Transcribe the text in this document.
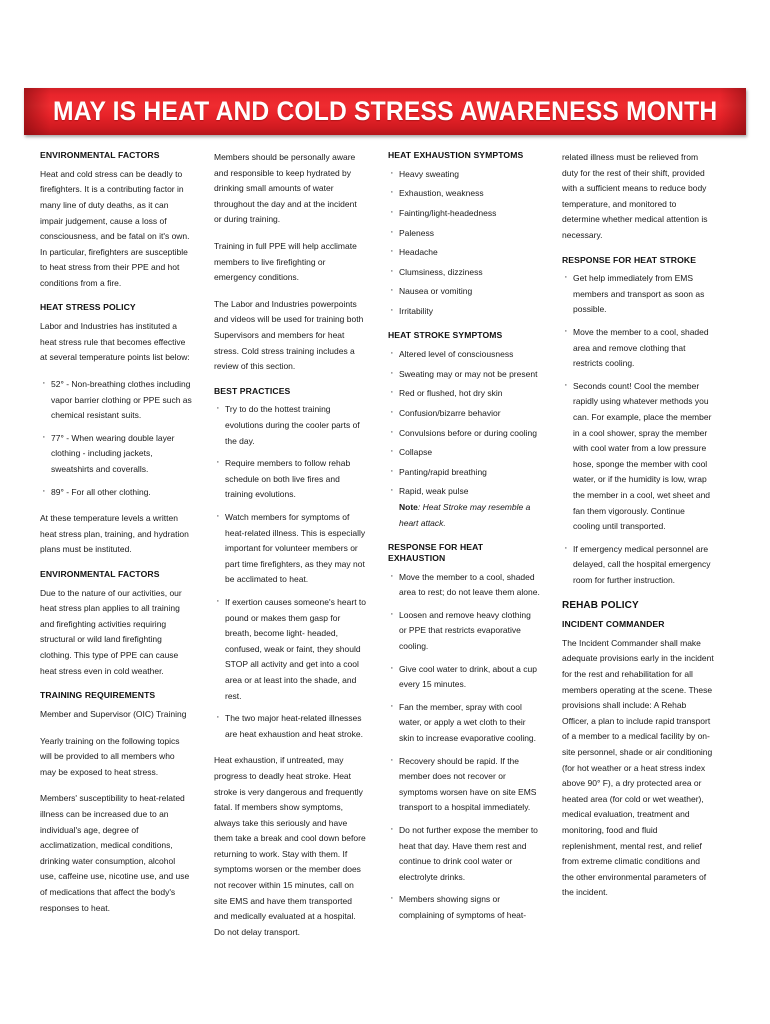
MAY IS HEAT AND COLD STRESS AWARENESS MONTH
ENVIRONMENTAL FACTORS

Heat and cold stress can be deadly to firefighters. It is a contributing factor in many line of duty deaths, as it can impair judgement, cause a loss of consciousness, and be fatal on it's own. In particular, firefighters are susceptible to heat stress from their PPE and hot conditions from a fire.

HEAT STRESS POLICY

Labor and Industries has instituted a heat stress rule that becomes effective at several temperature points list below:

· 52° - Non-breathing clothes including vapor barrier clothing or PPE such as chemical resistant suits.
· 77° - When wearing double layer clothing - including jackets, sweatshirts and coveralls.
· 89° - For all other clothing.

At these temperature levels a written heat stress plan, training, and hydration plans must be instituted.

ENVIRONMENTAL FACTORS

Due to the nature of our activities, our heat stress plan applies to all training and firefighting activities requiring structural or wild land firefighting clothing. This type of PPE can cause heat stress even in cold weather.

TRAINING REQUIREMENTS

Member and Supervisor (OIC) Training

Yearly training on the following topics will be provided to all members who may be exposed to heat stress.

Members' susceptibility to heat-related illness can be increased due to an individual's age, degree of acclimatization, medical conditions, drinking water consumption, alcohol use, caffeine use, nicotine use, and use of medications that affect the body's responses to heat.

Members should be personally aware and responsible to keep hydrated by drinking small amounts of water throughout the day and at the incident or during training.

Training in full PPE will help acclimate members to live firefighting or emergency conditions.

The Labor and Industries powerpoints and videos will be used for training both Supervisors and members for heat stress. Cold stress training includes a review of this section.

BEST PRACTICES
· Try to do the hottest training evolutions during the cooler parts of the day.
· Require members to follow rehab schedule on both live fires and training evolutions.
· Watch members for symptoms of heat-related illness. This is especially important for volunteer members or part time firefighters, as they may not be acclimated to heat.
· If exertion causes someone's heart to pound or makes them gasp for breath, become light- headed, confused, weak or faint, they should STOP all activity and get into a cool area or at least into the shade, and rest.
· The two major heat-related illnesses are heat exhaustion and heat stroke.

Heat exhaustion, if untreated, may progress to deadly heat stroke. Heat stroke is very dangerous and frequently fatal. If members show symptoms, always take this seriously and have them take a break and cool down before returning to work. Stay with them. If symptoms worsen or the member does not recover within 15 minutes, call on site EMS and have them transported and medically evaluated at a hospital. Do not delay transport.

HEAT EXHAUSTION SYMPTOMS
· Heavy sweating
· Exhaustion, weakness
· Fainting/light-headedness
· Paleness
· Headache
· Clumsiness, dizziness
· Nausea or vomiting
· Irritability
HEAT STROKE SYMPTOMS
· Altered level of consciousness
· Sweating may or may not be present
· Red or flushed, hot dry skin
· Confusion/bizarre behavior
· Convulsions before or during cooling
· Collapse
· Panting/rapid breathing
· Rapid, weak pulse
Note: Heat Stroke may resemble a heart attack.
RESPONSE FOR HEAT EXHAUSTION
· Move the member to a cool, shaded area to rest; do not leave them alone.
· Loosen and remove heavy clothing or PPE that restricts evaporative cooling.
· Give cool water to drink, about a cup every 15 minutes.
· Fan the member, spray with cool water, or apply a wet cloth to their skin to increase evaporative cooling.
· Recovery should be rapid. If the member does not recover or symptoms worsen have on site EMS transport to a hospital immediately.
· Do not further expose the member to heat that day. Have them rest and continue to drink cool water or electrolyte drinks.
· Members showing signs or complaining of symptoms of heat-

related illness must be relieved from duty for the rest of their shift, provided with a sufficient means to reduce body temperature, and monitored to determine whether medical attention is necessary.

RESPONSE FOR HEAT STROKE
· Get help immediately from EMS members and transport as soon as possible.
· Move the member to a cool, shaded area and remove clothing that restricts cooling.
· Seconds count! Cool the member rapidly using whatever methods you can. For example, place the member in a cool shower, spray the member with cool water from a low pressure hose, sponge the member with cool water, or if the humidity is low, wrap the member in a cool, wet sheet and fan them vigorously. Continue cooling until transported.
· If emergency medical personnel are delayed, call the hospital emergency room for further instruction.
REHAB POLICY
INCIDENT COMMANDER

The Incident Commander shall make adequate provisions early in the incident for the rest and rehabilitation for all members operating at the scene. These provisions shall include: A Rehab Officer, a plan to include rapid transport of a member to a medical facility by on-site personnel, shade or air conditioning (for hot weather or a heat stress index above 90° F), a dry protected area or heated area (for cold or wet weather), medical evaluation, treatment and monitoring, food and fluid replenishment, mental rest, and relief from extreme climatic conditions and the other environmental parameters of the incident.
